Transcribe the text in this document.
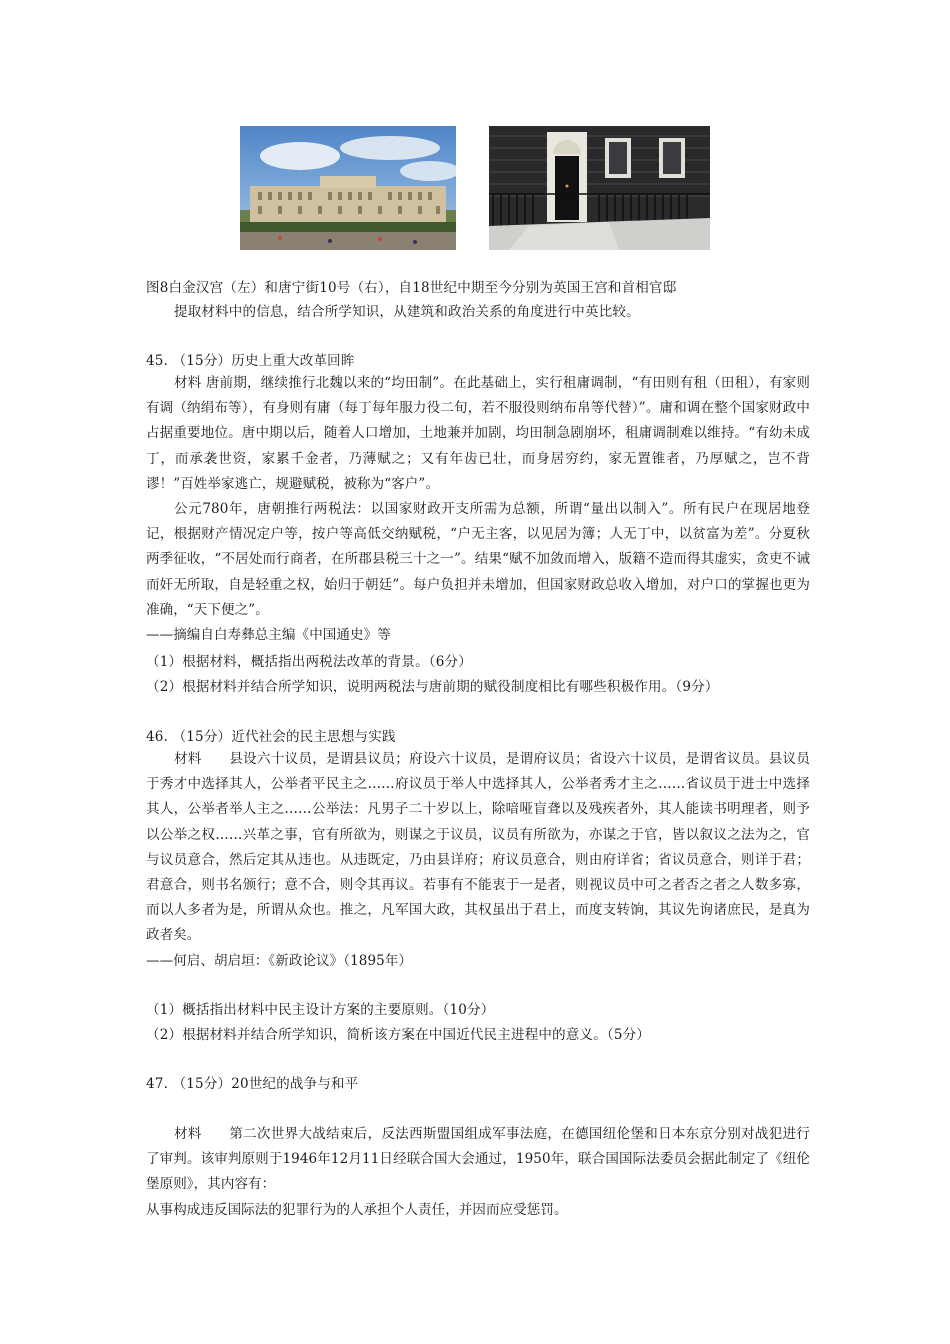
图8白金汉宫（左）和唐宁街10号（右），自18世纪中期至今分别为英国王宫和首相官邸
提取材料中的信息，结合所学知识，从建筑和政治关系的角度进行中英比较。
45. （15分）历史上重大改革回眸
材料 唐前期，继续推行北魏以来的“均田制”。在此基础上，实行租庸调制，“有田则有租（田租），有家则有调（纳绢布等），有身则有庸（每丁每年服力役二旬，若不服役则纳布帛等代替）”。庸和调在整个国家财政中占据重要地位。唐中期以后，随着人口增加，土地兼并加剧，均田制急剧崩坏，租庸调制难以维持。“有幼未成丁，而承袭世资，家累千金者，乃薄赋之；又有年齿已壮，而身居穷约，家无置锥者，乃厚赋之，岂不背谬！”百姓举家逃亡，规避赋税，被称为“客户”。
公元780年，唐朝推行两税法：以国家财政开支所需为总额，所谓“量出以制入”。所有民户在现居地登记，根据财产情况定户等，按户等高低交纳赋税，“户无主客，以见居为簿；人无丁中，以贫富为差”。分夏秋两季征收，“不居处而行商者，在所郡县税三十之一”。结果“赋不加敛而增入，版籍不造而得其虚实，贪吏不诫而奸无所取，自是轻重之权，始归于朝廷”。每户负担并未增加，但国家财政总收入增加，对户口的掌握也更为准确，“天下便之”。
——摘编自白寿彝总主编《中国通史》等
（1）根据材料，概括指出两税法改革的背景。（6分）
（2）根据材料并结合所学知识，说明两税法与唐前期的赋役制度相比有哪些积极作用。（9分）
46. （15分）近代社会的民主思想与实践
材料　　县设六十议员，是谓县议员；府设六十议员，是谓府议员；省设六十议员，是谓省议员。县议员于秀才中选择其人，公举者平民主之……府议员于举人中选择其人，公举者秀才主之……省议员于进士中选择其人，公举者举人主之……公举法：凡男子二十岁以上，除喑哑盲聋以及残疾者外，其人能读书明理者，则予以公举之权……兴革之事，官有所欲为，则谋之于议员，议员有所欲为，亦谋之于官，皆以叙议之法为之，官与议员意合，然后定其从违也。从违既定，乃由县详府；府议员意合，则由府详省；省议员意合，则详于君；君意合，则书名颁行；意不合，则令其再议。若事有不能衷于一是者，则视议员中可之者否之者之人数多寡，而以人多者为是，所谓从众也。推之，凡军国大政，其权虽出于君上，而度支转饷，其议先询诸庶民，是真为政者矣。
——何启、胡启垣：《新政论议》（1895年）
（1）概括指出材料中民主设计方案的主要原则。（10分）
（2）根据材料并结合所学知识，简析该方案在中国近代民主进程中的意义。（5分）
47. （15分）20世纪的战争与和平
材料　　第二次世界大战结束后，反法西斯盟国组成军事法庭，在德国纽伦堡和日本东京分别对战犯进行了审判。该审判原则于1946年12月11日经联合国大会通过，1950年，联合国国际法委员会据此制定了《纽伦堡原则》，其内容有：
从事构成违反国际法的犯罪行为的人承担个人责任，并因而应受惩罚。
